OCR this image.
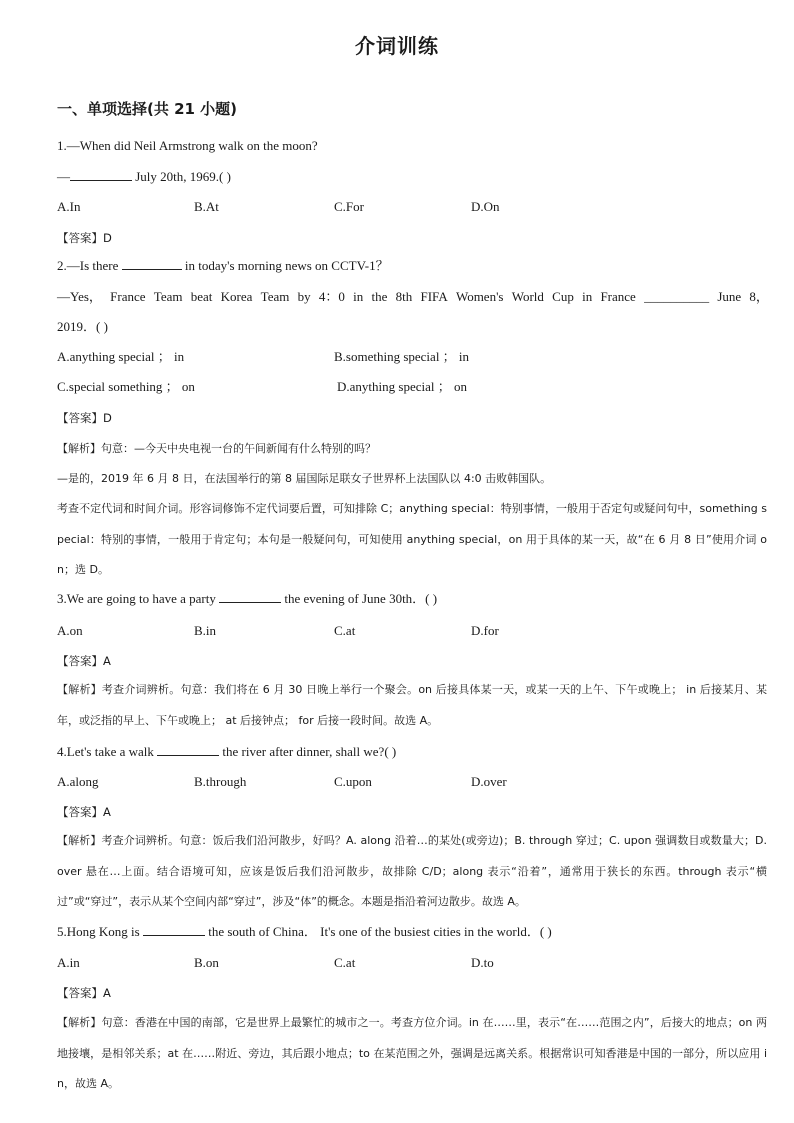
介词训练
一、单项选择(共 21 小题)
1.—When did Neil Armstrong walk on the moon?
—	July 20th, 1969.( )
A.In	B.At	C.For	D.On
【答案】D
2.—Is there	in today's morning news on CCTV-1？
—Yes， France Team beat Korea Team by 4：0 in the 8th FIFA Women's World Cup in France __________ June 8，
2019．( )
A.anything special ； in	B.something special ； in
C.special something ； on	D.anything special ； on
【答案】D
【解析】句意：—今天中央电视一台的午间新闻有什么特别的吗？
—是的，2019 年 6 月 8 日，在法国举行的第 8 届国际足联女子世界杯上法国队以 4:0 击败韩国队。
考查不定代词和时间介词。形容词修饰不定代词要后置，可知排除 C；anything special：特别事情，一般用于否定句或疑问句中，something special：特别的事情，一般用于肯定句；本句是一般疑问句，可知使用 anything special，on 用于具体的某一天，故“在 6 月 8 日”使用介词 on；选 D。
3.We are going to have a party	the evening of June 30th．( )
A.on	B.in	C.at	D.for
【答案】A
【解析】考查介词辨析。句意：我们将在 6 月 30 日晚上举行一个聚会。on 后接具体某一天，或某一天的上午、下午或晚上； in 后接某月、某年，或泛指的早上、下午或晚上； at 后接钟点； for 后接一段时间。故选 A。
4.Let's take a walk	the river after dinner, shall we?( )
A.along	B.through	C.upon	D.over
【答案】A
【解析】考查介词辨析。句意：饭后我们沿河散步，好吗？A. along 沿着…的某处(或旁边)；B. through 穿过；C. upon 强调数目或数量大；D. over 悬在…上面。结合语境可知，应该是饭后我们沿河散步，故排除 C/D；along 表示“沿着”，通常用于狭长的东西。through 表示“横过”或“穿过”，表示从某个空间内部“穿过”，涉及“体”的概念。本题是指沿着河边散步。故选 A。
5.Hong Kong is	the south of China． It's one of the busiest cities in the world．( )
A.in	B.on	C.at	D.to
【答案】A
【解析】句意：香港在中国的南部，它是世界上最繁忙的城市之一。考查方位介词。in 在……里，表示“在……范围之内”，后接大的地点；on 两地接壤，是相邻关系；at 在……附近、旁边，其后跟小地点；to 在某范围之外，强调是远离关系。根据常识可知香港是中国的一部分，所以应用 in，故选 A。
